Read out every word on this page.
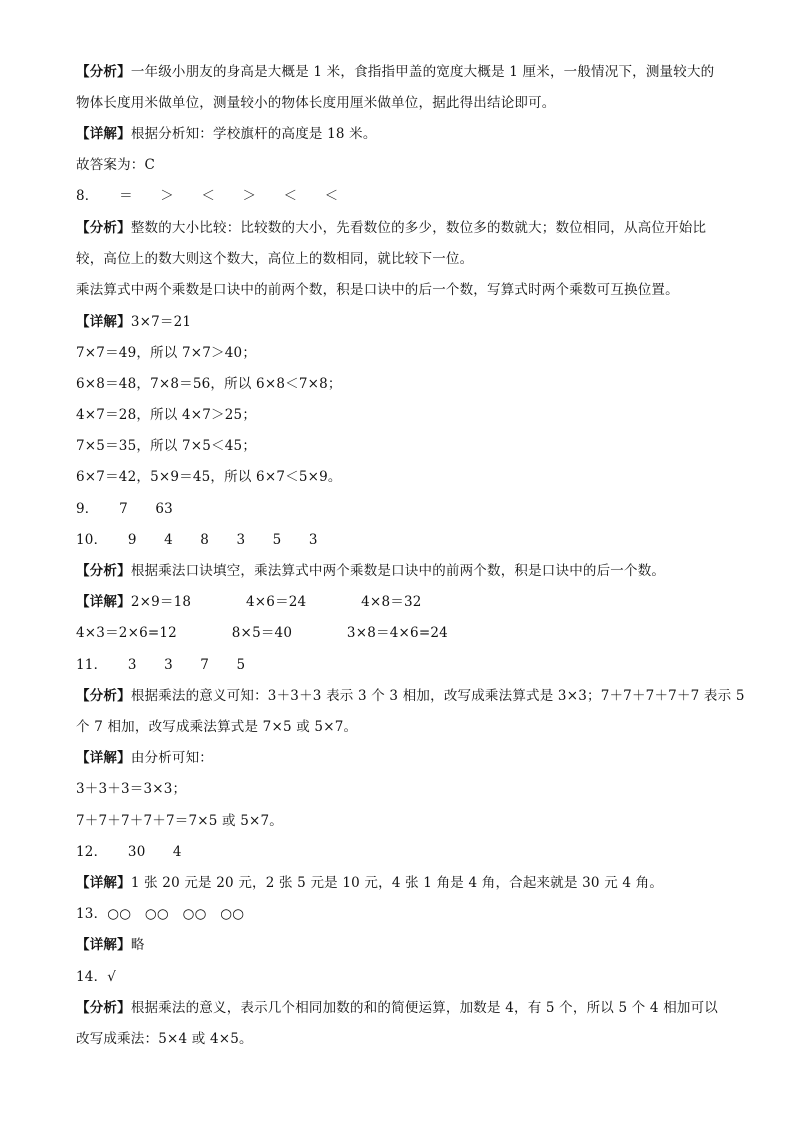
【分析】一年级小朋友的身高是大概是 1 米，食指指甲盖的宽度大概是 1 厘米，一般情况下，测量较大的
物体长度用米做单位，测量较小的物体长度用厘米做单位，据此得出结论即可。
【详解】根据分析知：学校旗杆的高度是 18 米。
故答案为：C
8．　　＝　　＞　　＜　　＞　　＜　　＜
【分析】整数的大小比较：比较数的大小，先看数位的多少，数位多的数就大；数位相同，从高位开始比
较，高位上的数大则这个数大，高位上的数相同，就比较下一位。
乘法算式中两个乘数是口诀中的前两个数，积是口诀中的后一个数，写算式时两个乘数可互换位置。
【详解】3×7＝21
7×7＝49，所以 7×7＞40；
6×8＝48，7×8＝56，所以 6×8＜7×8；
4×7＝28，所以 4×7＞25；
7×5＝35，所以 7×5＜45；
6×7＝42，5×9＝45，所以 6×7＜5×9。
9．　　7　　63
10．　　9　　4　　8　　3　　5　　3
【分析】根据乘法口诀填空，乘法算式中两个乘数是口诀中的前两个数，积是口诀中的后一个数。
【详解】2×9＝18　　　　4×6＝24　　　　4×8＝32
4×3＝2×6=12　　　　8×5＝40　　　　3×8＝4×6=24
11．　　3　　3　　7　　5
【分析】根据乘法的意义可知：3＋3＋3 表示 3 个 3 相加，改写成乘法算式是 3×3；7＋7＋7＋7＋7 表示 5
个 7 相加，改写成乘法算式是 7×5 或 5×7。
【详解】由分析可知：
3＋3＋3＝3×3；
7＋7＋7＋7＋7＝7×5 或 5×7。
12．　　30　　4
【详解】1 张 20 元是 20 元，2 张 5 元是 10 元，4 张 1 角是 4 角，合起来就是 30 元 4 角。
13．○○　○○　○○　○○
【详解】略
14．√
【分析】根据乘法的意义，表示几个相同加数的和的简便运算，加数是 4，有 5 个，所以 5 个 4 相加可以
改写成乘法：5×4 或 4×5。
